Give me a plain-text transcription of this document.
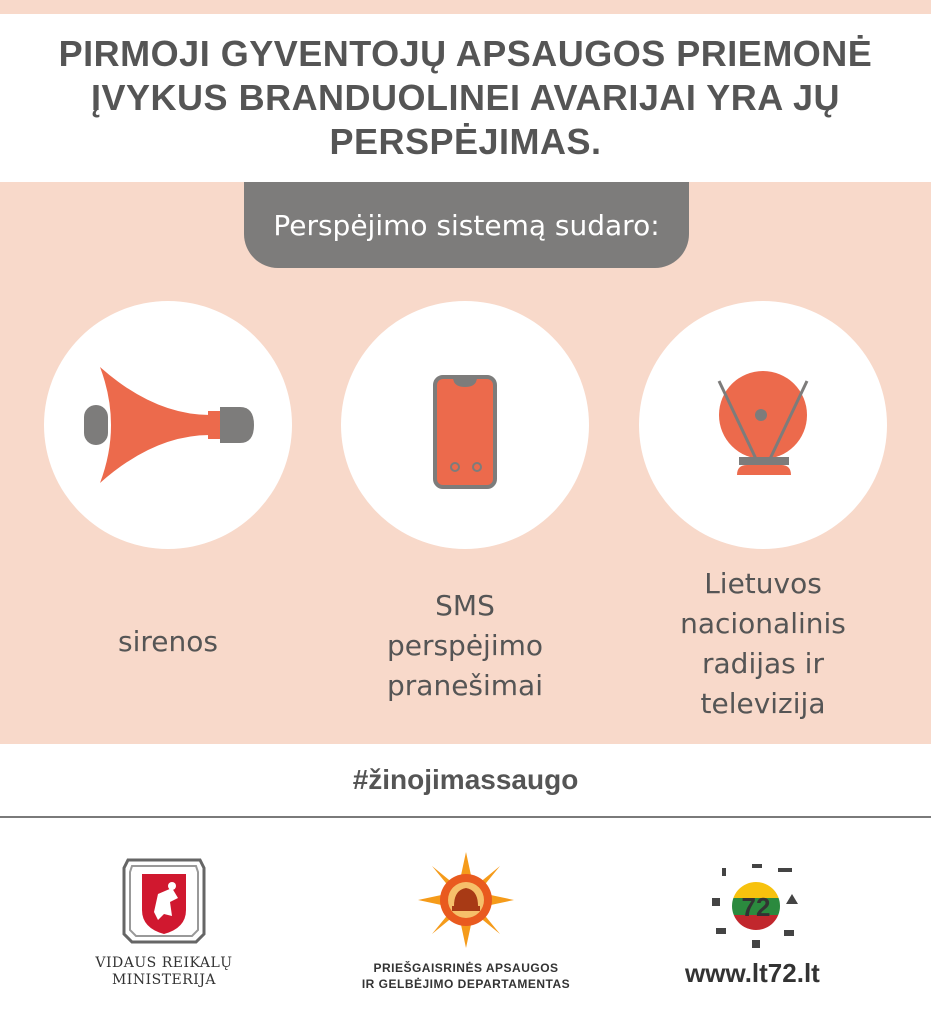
PIRMOJI GYVENTOJŲ APSAUGOS PRIEMONĖ
ĮVYKUS BRANDUOLINEI AVARIJAI YRA JŲ
PERSPĖJIMAS.
Perspėjimo sistemą sudaro:
sirenos
SMS
perspėjimo
pranešimai
Lietuvos
nacionalinis
radijas ir
televizija
#žinojimassaugo
VIDAUS REIKALŲ
MINISTERIJA
PRIEŠGAISRINĖS APSAUGOS
IR GELBĖJIMO DEPARTAMENTAS
72
www.lt72.lt
